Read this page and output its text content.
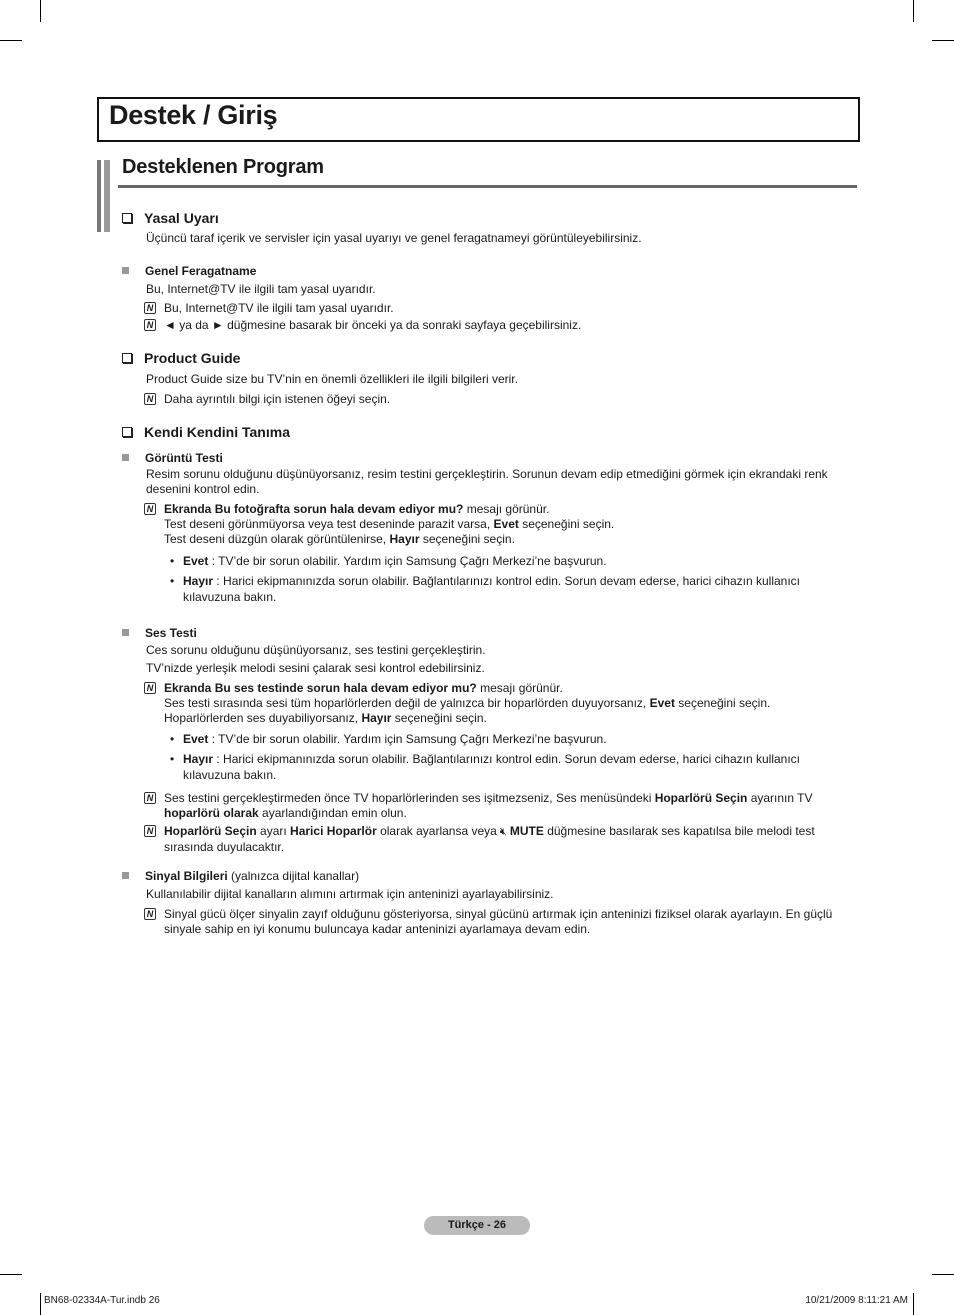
Destek / Giriş
Desteklenen Program
Yasal Uyarı
Üçüncü taraf içerik ve servisler için yasal uyarıyı ve genel feragatnameyi görüntüleyebilirsiniz.
Genel Feragatname
Bu, Internet@TV ile ilgili tam yasal uyarıdır.
N Bu, Internet@TV ile ilgili tam yasal uyarıdır.
N ◄ ya da ► düğmesine basarak bir önceki ya da sonraki sayfaya geçebilirsiniz.
Product Guide
Product Guide size bu TV’nin en önemli özellikleri ile ilgili bilgileri verir.
N Daha ayrıntılı bilgi için istenen öğeyi seçin.
Kendi Kendini Tanıma
Görüntü Testi
Resim sorunu olduğunu düşünüyorsanız, resim testini gerçekleştirin. Sorunun devam edip etmediğini görmek için ekrandaki renk
desenini kontrol edin.
N Ekranda Bu fotoğrafta sorun hala devam ediyor mu? mesajı görünür.
Test deseni görünmüyorsa veya test deseninde parazit varsa, Evet seçeneğini seçin.
Test deseni düzgün olarak görüntülenirse, Hayır seçeneğini seçin.
• Evet : TV’de bir sorun olabilir. Yardım için Samsung Çağrı Merkezi’ne başvurun.
• Hayır : Harici ekipmanınızda sorun olabilir. Bağlantılarınızı kontrol edin. Sorun devam ederse, harici cihazın kullanıcı
kılavuzuna bakın.
Ses Testi
Ces sorunu olduğunu düşünüyorsanız, ses testini gerçekleştirin.
TV’nizde yerleşik melodi sesini çalarak sesi kontrol edebilirsiniz.
N Ekranda Bu ses testinde sorun hala devam ediyor mu? mesajı görünür.
Ses testi sırasında sesi tüm hoparlörlerden değil de yalnızca bir hoparlörden duyuyorsanız, Evet seçeneğini seçin.
Hoparlörlerden ses duyabiliyorsanız, Hayır seçeneğini seçin.
• Evet : TV’de bir sorun olabilir. Yardım için Samsung Çağrı Merkezi’ne başvurun.
• Hayır : Harici ekipmanınızda sorun olabilir. Bağlantılarınızı kontrol edin. Sorun devam ederse, harici cihazın kullanıcı
kılavuzuna bakın.
N Ses testini gerçekleştirmeden önce TV hoparlörlerinden ses işitmezseniz, Ses menüsündeki Hoparlörü Seçin ayarının TV
hoparlörü olarak ayarlandığından emin olun.
N Hoparlörü Seçin ayarı Harici Hoparlör olarak ayarlansa veya 🔇︎ MUTE düğmesine basılarak ses kapatılsa bile melodi test
sırasında duyulacaktır.
Sinyal Bilgileri (yalnızca dijital kanallar)
Kullanılabilir dijital kanalların alımını artırmak için anteninizi ayarlayabilirsiniz.
N Sinyal gücü ölçer sinyalin zayıf olduğunu gösteriyorsa, sinyal gücünü artırmak için anteninizi fiziksel olarak ayarlayın. En güçlü
sinyale sahip en iyi konumu buluncaya kadar anteninizi ayarlamaya devam edin.
Türkçe - 26
BN68-02334A-Tur.indb 26	10/21/2009 8:11:21 AM
